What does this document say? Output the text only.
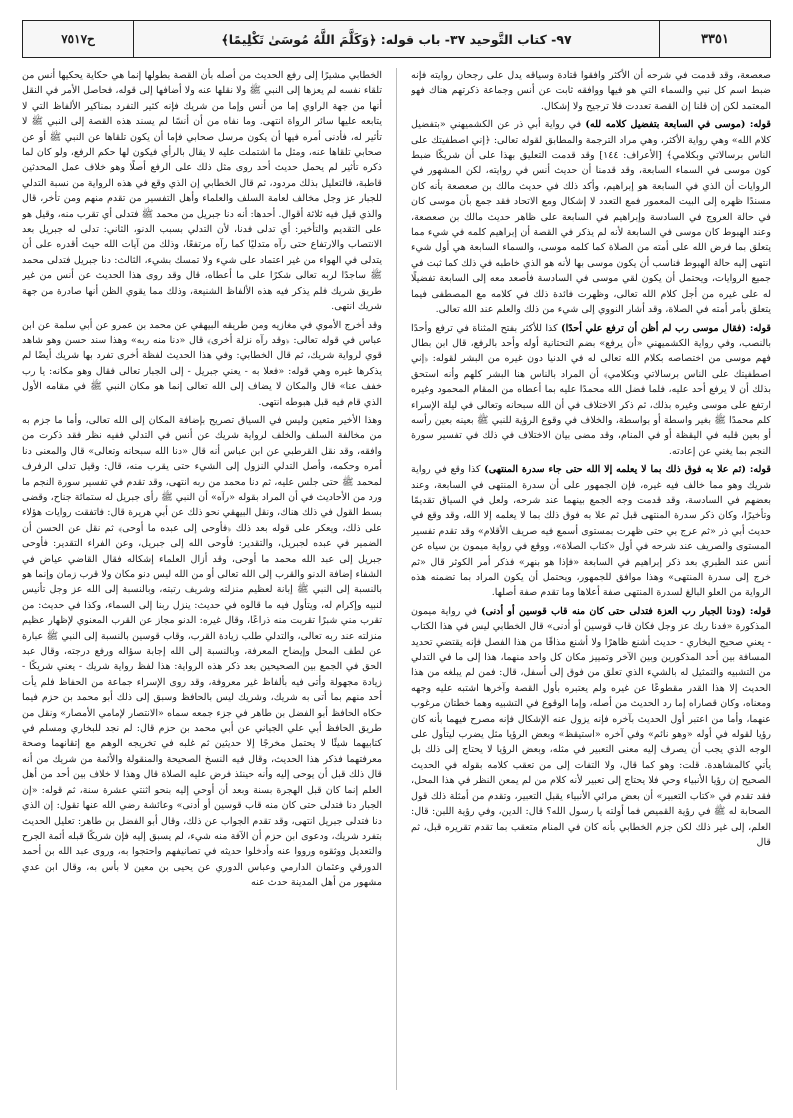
٣٣٥١
٩٧- كتاب التَّوحيد ٣٧- باب قوله: ﴿وَكَلَّمَ اللَّهُ مُوسَىٰ تَكْلِيمًا﴾
ح٧٥١٧

صعصعة، وقد قدمت في شرحه أن الأكثر وافقوا قتادة وسياقه يدل على رجحان روايته فإنه ضبط اسم كل نبي والسماء التي هو فيها ووافقه ثابت عن أنس وجماعة ذكرتهم هناك فهو المعتمد لكن إن قلنا إن القصة تعددت فلا ترجيح ولا إشكال.

قوله: (موسى في السابعة بتفضيل كلامه لله) في رواية أبي ذر عن الكشميهني «بتفضيل كلام الله» وهي رواية الأكثر، وهي مراد الترجمة والمطابق لقوله تعالى: ﴿إني اصطفيتك على الناس برسالاتي وبكلامي﴾ [الأعراف: ١٤٤] وقد قدمت التعليق بهذا على أن شريكًا ضبط كون موسى في السماء السابعة، وقد قدمنا أن حديث أنس في روايته، لكن المشهور في الروايات أن الذي في السابعة هو إبراهيم، وأكد ذلك في حديث مالك بن صعصعة بأنه كان مسندًا ظهره إلى البيت المعمور فمع التعدد لا إشكال ومع الاتحاد فقد جمع بأن موسى كان في حالة العروج في السادسة وإبراهيم في السابعة على ظاهر حديث مالك بن صعصعة، وعند الهبوط كان موسى في السابعة لأنه لم يذكر في القصة أن إبراهيم كلمه في شيء مما يتعلق بما فرض الله على أمته من الصلاة كما كلمه موسى، والسماء السابعة هي أول شيء انتهى إليه حالة الهبوط فناسب أن يكون موسى بها لأنه هو الذي خاطبه في ذلك كما ثبت في جميع الروايات، ويحتمل أن يكون لقي موسى في السادسة فأصعد معه إلى السابعة تفضيلًا له على غيره من أجل كلام الله تعالى، وظهرت فائدة ذلك في كلامه مع المصطفى فيما يتعلق بأمر أمته في الصلاة، وقد أشار النووي إلى شيء من ذلك والعلم عند الله تعالى.

قوله: (فقال موسى رب لم أظن أن ترفع علي أحدًا) كذا للأكثر بفتح المثناة في ترفع وأحدًا بالنصب، وفي رواية الكشميهني «أن يرفع» بضم التحتانية أوله وأحد بالرفع، قال ابن بطال فهم موسى من اختصاصه بكلام الله تعالى له في الدنيا دون غيره من البشر لقوله: ﴿إني اصطفيتك على الناس برسالاتي وبكلامي﴾ أن المراد بالناس هنا البشر كلهم وأنه استحق بذلك أن لا يرفع أحد عليه، فلما فضل الله محمدًا عليه بما أعطاه من المقام المحمود وغيره ارتفع على موسى وغيره بذلك، ثم ذكر الاختلاف في أن الله سبحانه وتعالى في ليلة الإسراء كلم محمدًا ﷺ بغير واسطة أو بواسطة، والخلاف في وقوع الرؤية للنبي ﷺ بعينه بعين رأسه أو بعين قلبه في اليقظة أو في المنام، وقد مضى بيان الاختلاف في ذلك في تفسير سورة النجم بما يغني عن إعادته.

قوله: (ثم علا به فوق ذلك بما لا يعلمه إلا الله حتى جاء سدرة المنتهى) كذا وقع في رواية شريك وهو مما خالف فيه غيره، فإن الجمهور على أن سدرة المنتهى في السابعة، وعند بعضهم في السادسة، وقد قدمت وجه الجمع بينهما عند شرحه، ولعل في السياق تقديمًا وتأخيرًا، وكان ذكر سدرة المنتهى قبل ثم علا به فوق ذلك بما لا يعلمه إلا الله، وقد وقع في حديث أبي ذر «ثم عرج بي حتى ظهرت بمستوى أسمع فيه صريف الأقلام» وقد تقدم تفسير المستوى والصريف عند شرحه في أول «كتاب الصلاة»، ووقع في رواية ميمون بن سياه عن أنس عند الطبري بعد ذكر إبراهيم في السابعة «فإذا هو بنهر» فذكر أمر الكوثر قال «ثم خرج إلى سدرة المنتهى» وهذا موافق للجمهور، ويحتمل أن يكون المراد بما تضمنه هذه الرواية من العلو البالغ لسدرة المنتهى صفة أعلاها وما تقدم صفة أصلها.

قوله: (ودنا الجبار رب العزة فتدلى حتى كان منه قاب قوسين أو أدنى) في رواية ميمون المذكورة «فدنا ربك عز وجل فكان قاب قوسين أو أدنى» قال الخطابي ليس في هذا الكتاب - يعني صحيح البخاري - حديث أشنع ظاهرًا ولا أشنع مذاقًا من هذا الفصل فإنه يقتضي تحديد المسافة بين أحد المذكورين وبين الآخر وتمييز مكان كل واحد منهما، هذا إلى ما في التدلي من التشبيه والتمثيل له بالشيء الذي تعلق من فوق إلى أسفل، قال: فمن لم يبلغه من هذا الحديث إلا هذا القدر مقطوعًا عن غيره ولم يعتبره بأول القصة وآخرها اشتبه عليه وجهه ومعناه، وكان قصاراه إما رد الحديث من أصله، وإما الوقوع في التشبيه وهما خطتان مرغوب عنهما، وأما من اعتبر أول الحديث بآخره فإنه يزول عنه الإشكال فإنه مصرح فيهما بأنه كان رؤيا لقوله في أوله «وهو نائم» وفي آخره «استيقظ» وبعض الرؤيا مثل يضرب ليتأول على الوجه الذي يجب أن يصرف إليه معنى التعبير في مثله، وبعض الرؤيا لا يحتاج إلى ذلك بل يأتي كالمشاهدة. قلت: وهو كما قال، ولا التفات إلى من تعقب كلامه بقوله في الحديث الصحيح إن رؤيا الأنبياء وحي فلا يحتاج إلى تعبير لأنه كلام من لم يمعن النظر في هذا المحل، فقد تقدم في «كتاب التعبير» أن بعض مرائي الأنبياء يقبل التعبير، وتقدم من أمثلة ذلك قول الصحابة له ﷺ في رؤية القميص فما أولته يا رسول الله؟ قال: الدين، وفي رؤية اللبن: قال: العلم، إلى غير ذلك لكن جزم الخطابي بأنه كان في المنام متعقب بما تقدم تقريره قبل، ثم قال

الخطابي مشيرًا إلى رفع الحديث من أصله بأن القصة بطولها إنما هي حكاية يحكيها أنس من تلقاء نفسه لم يعزها إلى النبي ﷺ ولا نقلها عنه ولا أضافها إلى قوله، فحاصل الأمر في النقل أنها من جهة الراوي إما من أنس وإما من شريك فإنه كثير التفرد بمناكير الألفاظ التي لا يتابعه عليها سائر الرواة انتهى. وما نفاه من أن أنسًا لم يسند هذه القصة إلى النبي ﷺ لا تأثير له، فأدنى أمره فيها أن يكون مرسل صحابي فإما أن يكون تلقاها عن النبي ﷺ أو عن صحابي تلقاها عنه، ومثل ما اشتملت عليه لا يقال بالرأي فيكون لها حكم الرفع، ولو كان لما ذكره تأثير لم يحمل حديث أحد روى مثل ذلك على الرفع أصلًا وهو خلاف عمل المحدثين قاطبة، فالتعليل بذلك مردود، ثم قال الخطابي إن الذي وقع في هذه الرواية من نسبة التدلي للجبار عز وجل مخالف لعامة السلف والعلماء وأهل التفسير من تقدم منهم ومن تأخر، قال والذي قيل فيه ثلاثة أقوال. أحدها: أنه دنا جبريل من محمد ﷺ فتدلى أي تقرب منه، وقيل هو على التقديم والتأخير: أي تدلى فدنا، لأن التدلي بسبب الدنو، الثاني: تدلى له جبريل بعد الانتصاب والارتفاع حتى رآه متدليًا كما رآه مرتفعًا، وذلك من آيات الله حيث أقدره على أن يتدلى في الهواء من غير اعتماد على شيء ولا تمسك بشيء، الثالث: دنا جبريل فتدلى محمد ﷺ ساجدًا لربه تعالى شكرًا على ما أعطاه، قال وقد روى هذا الحديث عن أنس من غير طريق شريك فلم يذكر فيه هذه الألفاظ الشنيعة، وذلك مما يقوي الظن أنها صادرة من جهة شريك انتهى.

وقد أخرج الأموي في مغازيه ومن طريقه البيهقي عن محمد بن عمرو عن أبي سلمة عن ابن عباس في قوله تعالى: ﴿وقد رآه نزلة أخرى﴾ قال «دنا منه ربه» وهذا سند حسن وهو شاهد قوي لرواية شريك، ثم قال الخطابي: وفي هذا الحديث لفظة أخرى تفرد بها شريك أيضًا لم يذكرها غيره وهي قوله: «فعلا به - يعني جبريل - إلى الجبار تعالى فقال وهو مكانه: يا رب خفف عنا» قال والمكان لا يضاف إلى الله تعالى إنما هو مكان النبي ﷺ في مقامه الأول الذي قام فيه قبل هبوطه انتهى.

وهذا الأخير متعين وليس في السياق تصريح بإضافة المكان إلى الله تعالى، وأما ما جزم به من مخالفة السلف والخلف لرواية شريك عن أنس في التدلي ففيه نظر فقد ذكرت من وافقه، وقد نقل القرطبي عن ابن عباس أنه قال «دنا الله سبحانه وتعالى» قال والمعنى دنا أمره وحكمه، وأصل التدلي النزول إلى الشيء حتى يقرب منه، قال: وقيل تدلى الرفرف لمحمد ﷺ حتى جلس عليه، ثم دنا محمد من ربه انتهى، وقد تقدم في تفسير سورة النجم ما ورد من الأحاديث في أن المراد بقوله «رآه» أن النبي ﷺ رأى جبريل له ستمائة جناح، وقضى بسط القول في ذلك هناك، ونقل البيهقي نحو ذلك عن أبي هريرة قال: فاتفقت روايات هؤلاء على ذلك، ويعكر على قوله بعد ذلك ﴿فأوحى إلى عبده ما أوحى﴾ ثم نقل عن الحسن أن الضمير في عبده لجبريل، والتقدير: فأوحى الله إلى جبريل، وعن الفراء التقدير: فأوحى جبريل إلى عبد الله محمد ما أوحى، وقد أزال العلماء إشكاله فقال القاضي عياض في الشفاء إضافة الدنو والقرب إلى الله تعالى أو من الله ليس دنو مكان ولا قرب زمان وإنما هو بالنسبة إلى النبي ﷺ إبانة لعظيم منزلته وشريف رتبته، وبالنسبة إلى الله عز وجل تأنيس لنبيه وإكرام له، ويتأول فيه ما قالوه في حديث: ينزل ربنا إلى السماء، وكذا في حديث: من تقرب مني شبرًا تقربت منه ذراعًا، وقال غيره: الدنو مجاز عن القرب المعنوي لإظهار عظيم منزلته عند ربه تعالى، والتدلي طلب زيادة القرب، وقاب قوسين بالنسبة إلى النبي ﷺ عبارة عن لطف المحل وإيضاح المعرفة، وبالنسبة إلى الله إجابة سؤاله ورفع درجته، وقال عبد الحق في الجمع بين الصحيحين بعد ذكر هذه الرواية: هذا لفظ رواية شريك - يعني شريكًا - زيادة مجهولة وأتى فيه بألفاظ غير معروفة، وقد روى الإسراء جماعة من الحفاظ فلم يأت أحد منهم بما أتى به شريك، وشريك ليس بالحافظ وسبق إلى ذلك أبو محمد بن حزم فيما حكاه الحافظ أبو الفضل بن طاهر في جزء جمعه سماه «الانتصار لإمامي الأمصار» ونقل من طريق الحافظ أبي علي الجياني عن أبي محمد بن حزم قال: لم نجد للبخاري ومسلم في كتابيهما شيئًا لا يحتمل مخرجًا إلا حديثين ثم غلبه في تخريجه الوهم مع إتقانهما وصحة معرفتهما فذكر هذا الحديث، وقال فيه النسخ الصحيحة والمنقولة والأئمة من شريك من أنه قال ذلك قبل أن يوحى إليه وأنه حينئذ فرض عليه الصلاة قال وهذا لا خلاف بين أحد من أهل العلم إنما كان قبل الهجرة بسنة وبعد أن أوحي إليه بنحو اثنتي عشرة سنة، ثم قوله: «إن الجبار دنا فتدلى حتى كان منه قاب قوسين أو أدنى» وعائشة رضي الله عنها تقول: إن الذي دنا فتدلى جبريل انتهى، وقد تقدم الجواب عن ذلك، وقال أبو الفضل بن طاهر: تعليل الحديث بتفرد شريك، ودعوى ابن حزم أن الآفة منه شيء، لم يسبق إليه فإن شريكًا قبله أئمة الجرح والتعديل ووثقوه ورووا عنه وأدخلوا حديثه في تصانيفهم واحتجوا به، وروى عبد الله بن أحمد الدورقي وعثمان الدارمي وعباس الدوري عن يحيى بن معين لا بأس به، وقال ابن عدي مشهور من أهل المدينة حدث عنه
